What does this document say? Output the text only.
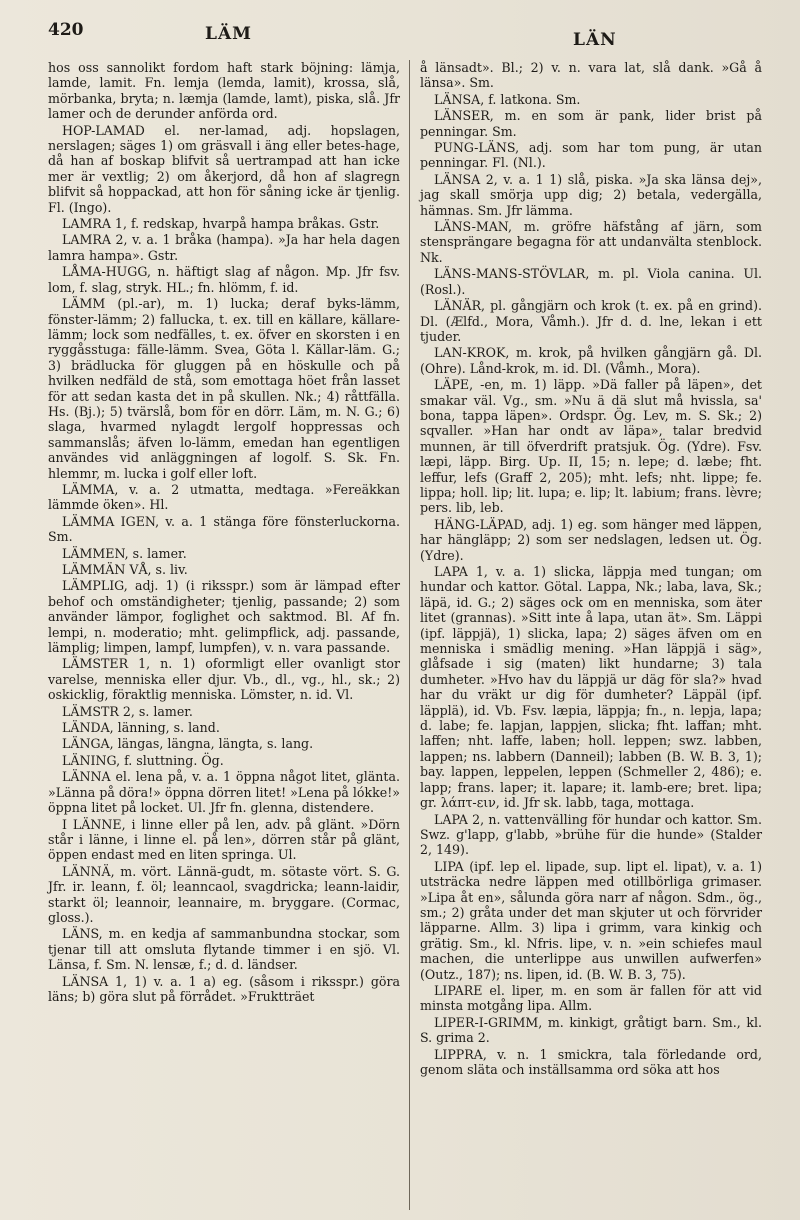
420	LÄM	LÄN

hos oss sannolikt fordom haft stark böjning: lämja, lamde, lamit. Fn. lemja (lemda, lamit), krossa, slå, mörbanka, bryta; n. læmja (lamde, lamt), piska, slå. Jfr lamer och de derunder anförda ord.

HOP-LAMAD el. ner-lamad, adj. hopslagen, nerslagen; säges 1) om gräsvall i äng eller betes-hage, då han af boskap blifvit så uertrampad att han icke mer är vextlig; 2) om åkerjord, då hon af slagregn blifvit så hoppackad, att hon för såning icke är tjenlig. Fl. (Ingo).

LAMRA 1, f. redskap, hvarpå hampa bråkas. Gstr.

LAMRA 2, v. a. 1 bråka (hampa). »Ja har hela dagen lamra hampa». Gstr.

LÅMA-HUGG, n. häftigt slag af någon. Mp. Jfr fsv. lom, f. slag, stryk. HL.; fn. hlömm, f. id.

LÄMM (pl.-ar), m. 1) lucka; deraf byks-lämm, fönster-lämm; 2) fallucka, t. ex. till en källare, källare-lämm; lock som nedfälles, t. ex. öfver en skorsten i en ryggåsstuga: fälle-lämm. Svea, Göta l. Källar-läm. G.; 3) brädlucka för gluggen på en höskulle och på hvilken nedfäld de stå, som emottaga höet från lasset för att sedan kasta det in på skullen. Nk.; 4) råttfälla. Hs. (Bj.); 5) tvärslå, bom för en dörr. Läm, m. N. G.; 6) slaga, hvarmed nylagdt lergolf hoppressas och sammanslås; äfven lo-lämm, emedan han egentligen användes vid anläggningen af logolf. S. Sk. Fn. hlemmr, m. lucka i golf eller loft.

LÄMMA, v. a. 2 utmatta, medtaga. »Fereäkkan lämmde öken». Hl.

LÄMMA IGEN, v. a. 1 stänga före fönsterluckorna. Sm.

LÄMMEN, s. lamer.

LÄMMÄN VÅ, s. liv.

LÄMPLIG, adj. 1) (i riksspr.) som är lämpad efter behof och omständigheter; tjenlig, passande; 2) som använder lämpor, foglighet och saktmod. Bl. Af fn. lempi, n. moderatio; mht. gelimpflick, adj. passande, lämplig; limpen, lampf, lumpfen), v. n. vara passande.

LÄMSTER 1, n. 1) oformligt eller ovanligt stor varelse, menniska eller djur. Vb., dl., vg., hl., sk.; 2) oskicklig, föraktlig menniska. Lömster, n. id. Vl.

LÄMSTR 2, s. lamer.

LÄNDA, länning, s. land.

LÄNGA, längas, längna, längta, s. lang.

LÄNING, f. sluttning. Ög.

LÄNNA el. lena på, v. a. 1 öppna något litet, glänta. »Länna på döra!» öppna dörren litet! »Lena på lókke!» öppna litet på locket. Ul. Jfr fn. glenna, distendere.

I LÄNNE, i linne eller på len, adv. på glänt. »Dörn står i länne, i linne el. på len», dörren står på glänt, öppen endast med en liten springa. Ul.

LÄNNÄ, m. vört. Lännä-gudt, m. sötaste vört. S. G. Jfr. ir. leann, f. öl; leanncaol, svagdricka; leann-laidir, starkt öl; leannoir, leannaire, m. bryggare. (Cormac, gloss.).

LÄNS, m. en kedja af sammanbundna stockar, som tjenar till att omsluta flytande timmer i en sjö. Vl. Länsa, f. Sm. N. lensæ, f.; d. d. ländser.

LÄNSA 1, 1) v. a. 1 a) eg. (såsom i riksspr.) göra läns; b) göra slut på förrådet. »Fruktträet

å länsadt». Bl.; 2) v. n. vara lat, slå dank. »Gå å länsa». Sm.

LÄNSA, f. latkona. Sm.

LÄNSER, m. en som är pank, lider brist på penningar. Sm.

PUNG-LÄNS, adj. som har tom pung, är utan penningar. Fl. (Nl.).

LÄNSA 2, v. a. 1 1) slå, piska. »Ja ska länsa dej», jag skall smörja upp dig; 2) betala, vedergälla, hämnas. Sm. Jfr lämma.

LÄNS-MAN, m. gröfre häfstång af järn, som stensprängare begagna för att undanvälta stenblock. Nk.

LÄNS-MANS-STÖVLAR, m. pl. Viola canina. Ul. (Rosl.).

LÄNÄR, pl. gångjärn och krok (t. ex. på en grind). Dl. (Ælfd., Mora, Våmh.). Jfr d. d. lne, lekan i ett tjuder.

LAN-KROK, m. krok, på hvilken gångjärn gå. Dl. (Ohre). Lånd-krok, m. id. Dl. (Våmh., Mora).

LÄPE, -en, m. 1) läpp. »Dä faller på läpen», det smakar väl. Vg., sm. »Nu ä dä slut må hvissla, sa' bona, tappa läpen». Ordspr. Ög. Lev, m. S. Sk.; 2) sqvaller. »Han har ondt av läpa», talar bredvid munnen, är till öfverdrift pratsjuk. Ög. (Ydre). Fsv. læpi, läpp. Birg. Up. II, 15; n. lepe; d. læbe; fht. leffur, lefs (Graff 2, 205); mht. lefs; nht. lippe; fe. lippa; holl. lip; lit. lupa; e. lip; lt. labium; frans. lèvre; pers. lib, leb.

HÄNG-LÄPAD, adj. 1) eg. som hänger med läppen, har hängläpp; 2) som ser nedslagen, ledsen ut. Ög. (Ydre).

LAPA 1, v. a. 1) slicka, läppja med tungan; om hundar och kattor. Götal. Lappa, Nk.; laba, lava, Sk.; läpä, id. G.; 2) säges ock om en menniska, som äter litet (grannas). »Sitt inte å lapa, utan ät». Sm. Läppi (ipf. läppjä), 1) slicka, lapa; 2) säges äfven om en menniska i smädlig mening. »Han läppjä i säg», glåfsade i sig (maten) likt hundarne; 3) tala dumheter. »Hvo hav du läppjä ur däg för sla?» hvad har du vräkt ur dig för dumheter? Läppäl (ipf. läpplä), id. Vb. Fsv. læpia, läppja; fn., n. lepja, lapa; d. labe; fe. lapjan, lappjen, slicka; fht. laffan; mht. laffen; nht. laffe, laben; holl. leppen; swz. labben, lappen; ns. labbern (Danneil); labben (B. W. B. 3, 1); bay. lappen, leppelen, leppen (Schmeller 2, 486); e. lapp; frans. laper; it. lapare; it. lamb-ere; bret. lipa; gr. λάπτ-ειν, id. Jfr sk. labb, taga, mottaga.

LAPA 2, n. vattenvälling för hundar och kattor. Sm. Swz. g'lapp, g'labb, »brühe für die hunde» (Stalder 2, 149).

LIPA (ipf. lep el. lipade, sup. lipt el. lipat), v. a. 1) utsträcka nedre läppen med otillbörliga grimaser. »Lipa åt en», sålunda göra narr af någon. Sdm., ög., sm.; 2) gråta under det man skjuter ut och förvrider läpparne. Allm. 3) lipa i grimm, vara kinkig och grätig. Sm., kl. Nfris. lipe, v. n. »ein schiefes maul machen, die unterlippe aus unwillen aufwerfen» (Outz., 187); ns. lipen, id. (B. W. B. 3, 75).

LIPARE el. liper, m. en som är fallen för att vid minsta motgång lipa. Allm.

LIPER-I-GRIMM, m. kinkigt, gråtigt barn. Sm., kl. S. grima 2.

LIPPRA, v. n. 1 smickra, tala förledande ord, genom släta och inställsamma ord söka att hos
